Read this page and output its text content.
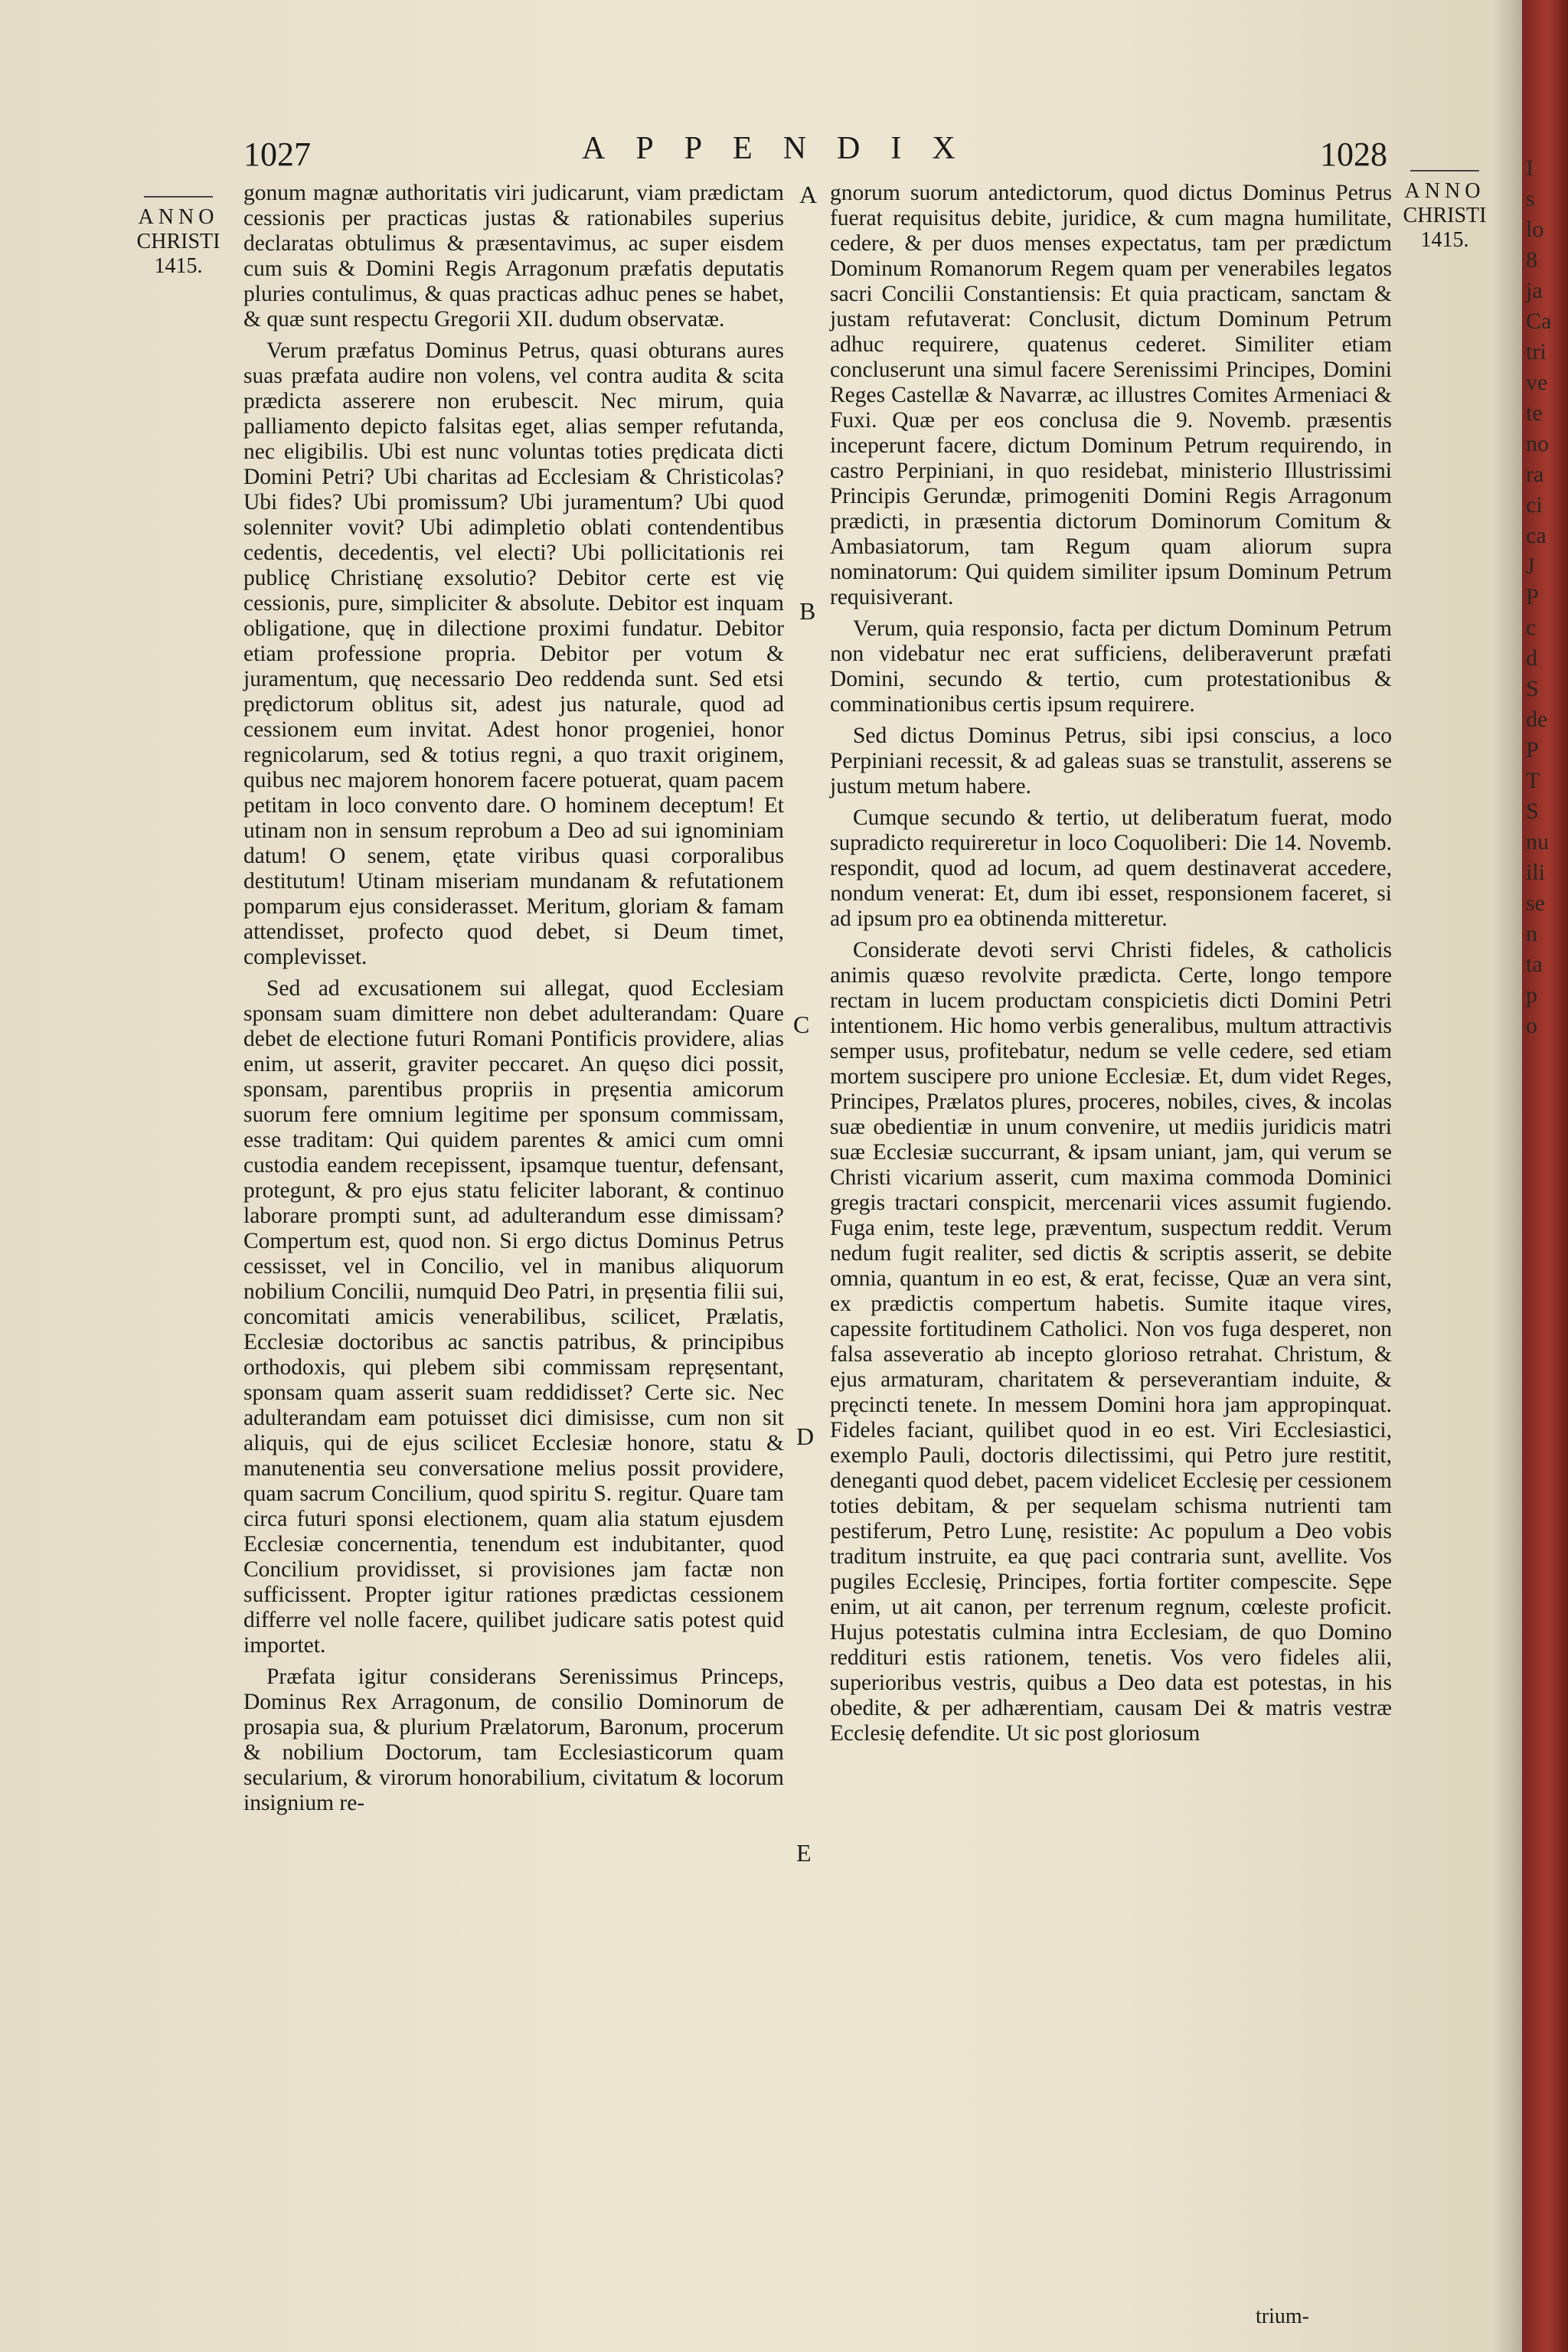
I
s
lo
8
ja
Ca
tri
ve
te
no
ra
ci
ca
J
P
c
d
S
de
P
T
S
nu
ili
se
n
ta
p
o
1027	APPENDIX	1028
ANNO
CHRISTI
1415.
ANNO
CHRISTI
1415.

gonum magnæ authoritatis viri judicarunt, viam prædictam cessionis per practicas justas & rationabiles superius declaratas obtulimus & præsentavimus, ac super eisdem cum suis & Domini Regis Arragonum præfatis deputatis pluries contulimus, & quas practicas adhuc penes se habet, & quæ sunt respectu Gregorii XII. dudum observatæ.

Verum præfatus Dominus Petrus, quasi obturans aures suas præfata audire non volens, vel contra audita & scita prædicta asserere non erubescit. Nec mirum, quia palliamento depicto falsitas eget, alias semper refutanda, nec eligibilis. Ubi est nunc voluntas toties prędicata dicti Domini Petri? Ubi charitas ad Ecclesiam & Christicolas? Ubi fides? Ubi promissum? Ubi juramentum? Ubi quod solenniter vovit? Ubi adimpletio oblati contendentibus cedentis, decedentis, vel electi? Ubi pollicitationis rei publicę Christianę exsolutio? Debitor certe est vię cessionis, pure, simpliciter & absolute. Debitor est inquam obligatione, quę in dilectione proximi fundatur. Debitor etiam professione propria. Debitor per votum & juramentum, quę necessario Deo reddenda sunt. Sed etsi prędictorum oblitus sit, adest jus naturale, quod ad cessionem eum invitat. Adest honor progeniei, honor regnicolarum, sed & totius regni, a quo traxit originem, quibus nec majorem honorem facere potuerat, quam pacem petitam in loco convento dare. O hominem deceptum! Et utinam non in sensum reprobum a Deo ad sui ignominiam datum! O senem, ętate viribus quasi corporalibus destitutum! Utinam miseriam mundanam & refutationem pomparum ejus considerasset. Meritum, gloriam & famam attendisset, profecto quod debet, si Deum timet, complevisset.

Sed ad excusationem sui allegat, quod Ecclesiam sponsam suam dimittere non debet adulterandam: Quare debet de electione futuri Romani Pontificis providere, alias enim, ut asserit, graviter peccaret. An quęso dici possit, sponsam, parentibus propriis in pręsentia amicorum suorum fere omnium legitime per sponsum commissam, esse traditam: Qui quidem parentes & amici cum omni custodia eandem recepissent, ipsamque tuentur, defensant, protegunt, & pro ejus statu feliciter laborant, & continuo laborare prompti sunt, ad adulterandum esse dimissam? Compertum est, quod non. Si ergo dictus Dominus Petrus cessisset, vel in Concilio, vel in manibus aliquorum nobilium Concilii, numquid Deo Patri, in pręsentia filii sui, concomitati amicis venerabilibus, scilicet, Prælatis, Ecclesiæ doctoribus ac sanctis patribus, & principibus orthodoxis, qui plebem sibi commissam repręsentant, sponsam quam asserit suam reddidisset? Certe sic. Nec adulterandam eam potuisset dici dimisisse, cum non sit aliquis, qui de ejus scilicet Ecclesiæ honore, statu & manutenentia seu conversatione melius possit providere, quam sacrum Concilium, quod spiritu S. regitur. Quare tam circa futuri sponsi electionem, quam alia statum ejusdem Ecclesiæ concernentia, tenendum est indubitanter, quod Concilium providisset, si provisiones jam factæ non sufficissent. Propter igitur rationes prædictas cessionem differre vel nolle facere, quilibet judicare satis potest quid importet.

Præfata igitur considerans Serenissimus Princeps, Dominus Rex Arragonum, de consilio Dominorum de prosapia sua, & plurium Prælatorum, Baronum, procerum & nobilium Doctorum, tam Ecclesiasticorum quam secularium, & virorum honorabilium, civitatum & locorum insignium re-

A
B
C
D
E

gnorum suorum antedictorum, quod dictus Dominus Petrus fuerat requisitus debite, juridice, & cum magna humilitate, cedere, & per duos menses expectatus, tam per prædictum Dominum Romanorum Regem quam per venerabiles legatos sacri Concilii Constantiensis: Et quia practicam, sanctam & justam refutaverat: Conclusit, dictum Dominum Petrum adhuc requirere, quatenus cederet. Similiter etiam concluserunt una simul facere Serenissimi Principes, Domini Reges Castellæ & Navarræ, ac illustres Comites Armeniaci & Fuxi. Quæ per eos conclusa die 9. Novemb. præsentis inceperunt facere, dictum Dominum Petrum requirendo, in castro Perpiniani, in quo residebat, ministerio Illustrissimi Principis Gerundæ, primogeniti Domini Regis Arragonum prædicti, in præsentia dictorum Dominorum Comitum & Ambasiatorum, tam Regum quam aliorum supra nominatorum: Qui quidem similiter ipsum Dominum Petrum requisiverant.

Verum, quia responsio, facta per dictum Dominum Petrum non videbatur nec erat sufficiens, deliberaverunt præfati Domini, secundo & tertio, cum protestationibus & comminationibus certis ipsum requirere.

Sed dictus Dominus Petrus, sibi ipsi conscius, a loco Perpiniani recessit, & ad galeas suas se transtulit, asserens se justum metum habere.

Cumque secundo & tertio, ut deliberatum fuerat, modo supradicto requireretur in loco Coquoliberi: Die 14. Novemb. respondit, quod ad locum, ad quem destinaverat accedere, nondum venerat: Et, dum ibi esset, responsionem faceret, si ad ipsum pro ea obtinenda mitteretur.

Considerate devoti servi Christi fideles, & catholicis animis quæso revolvite prædicta. Certe, longo tempore rectam in lucem productam conspicietis dicti Domini Petri intentionem. Hic homo verbis generalibus, multum attractivis semper usus, profitebatur, nedum se velle cedere, sed etiam mortem suscipere pro unione Ecclesiæ. Et, dum videt Reges, Principes, Prælatos plures, proceres, nobiles, cives, & incolas suæ obedientiæ in unum convenire, ut mediis juridicis matri suæ Ecclesiæ succurrant, & ipsam uniant, jam, qui verum se Christi vicarium asserit, cum maxima commoda Dominici gregis tractari conspicit, mercenarii vices assumit fugiendo. Fuga enim, teste lege, præventum, suspectum reddit. Verum nedum fugit realiter, sed dictis & scriptis asserit, se debite omnia, quantum in eo est, & erat, fecisse, Quæ an vera sint, ex prædictis compertum habetis. Sumite itaque vires, capessite fortitudinem Catholici. Non vos fuga desperet, non falsa asseveratio ab incepto glorioso retrahat. Christum, & ejus armaturam, charitatem & perseverantiam induite, & pręcincti tenete. In messem Domini hora jam appropinquat. Fideles faciant, quilibet quod in eo est. Viri Ecclesiastici, exemplo Pauli, doctoris dilectissimi, qui Petro jure restitit, deneganti quod debet, pacem videlicet Ecclesię per cessionem toties debitam, & per sequelam schisma nutrienti tam pestiferum, Petro Lunę, resistite: Ac populum a Deo vobis traditum instruite, ea quę paci contraria sunt, avellite. Vos pugiles Ecclesię, Principes, fortia fortiter compescite. Sępe enim, ut ait canon, per terrenum regnum, cœleste proficit. Hujus potestatis culmina intra Ecclesiam, de quo Domino reddituri estis rationem, tenetis. Vos vero fideles alii, superioribus vestris, quibus a Deo data est potestas, in his obedite, & per adhærentiam, causam Dei & matris vestræ Ecclesię defendite. Ut sic post gloriosum

trium-
